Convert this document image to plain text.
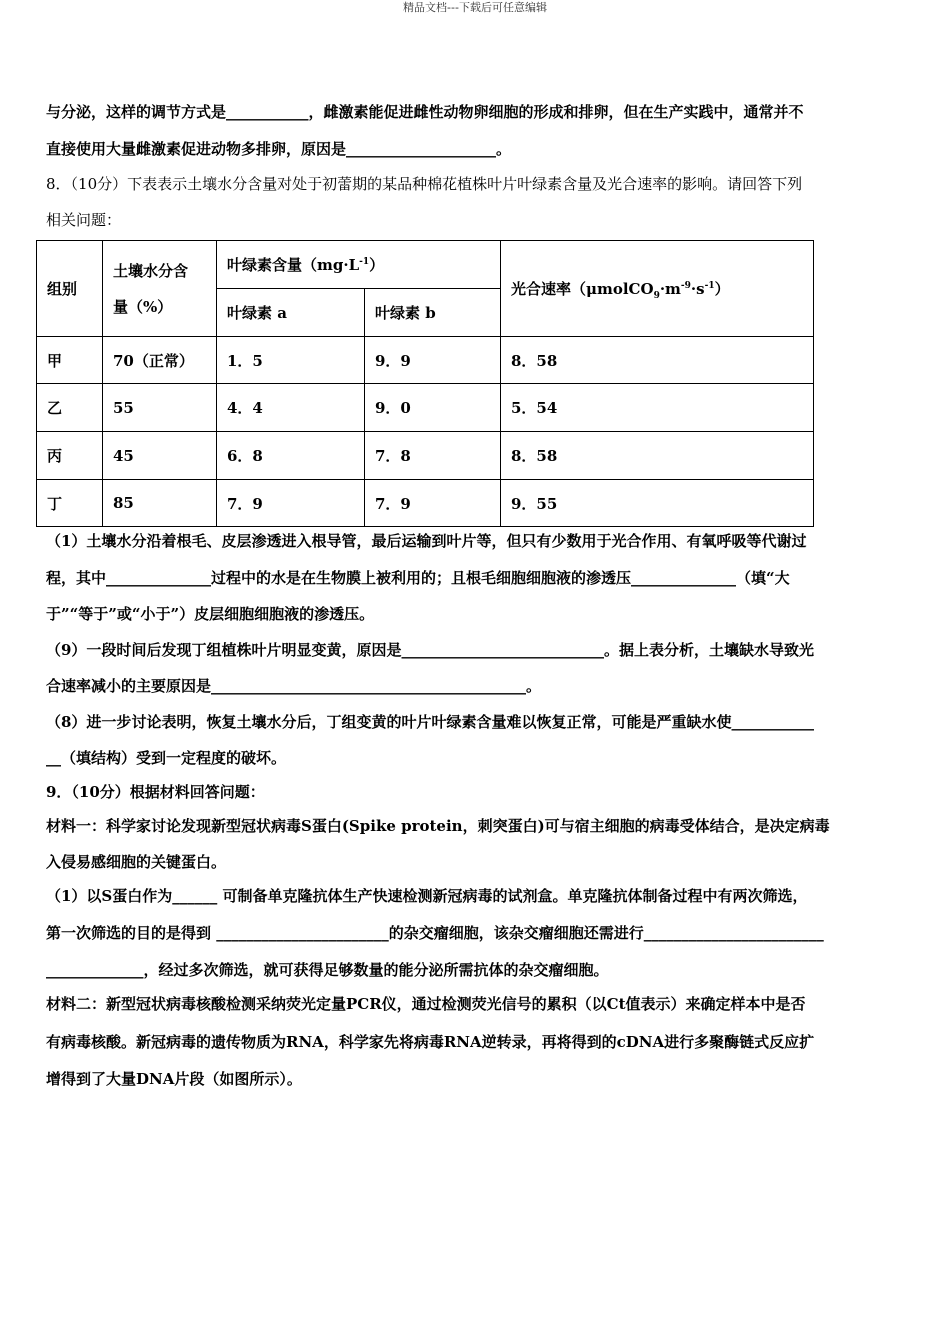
精品文档---下载后可任意编辑
与分泌，这样的调节方式是___________，雌激素能促进雌性动物卵细胞的形成和排卵，但在生产实践中，通常并不
直接使用大量雌激素促进动物多排卵，原因是____________________。
8．（10分）下表表示土壤水分含量对处于初蕾期的某品种棉花植株叶片叶绿素含量及光合速率的影响。请回答下列
相关问题：
组别	土壤水分含
量（%）	叶绿素含量$(mg\cdot L^{-1})$		光合速率$(\mu molCO_9\cdot m^{-9}\cdot s^{-1})$
		叶绿素 a	叶绿素 b	
甲	70（正常）	1．5	9．9	8．58
乙	55	4．4	9．0	5．54
丙	45	6．8	7．8	8．58
丁	85	7．9	7．9	9．55
（1）土壤水分沿着根毛、皮层渗透进入根导管，最后运输到叶片等，但只有少数用于光合作用、有氧呼吸等代谢过
程，其中______________过程中的水是在生物膜上被利用的；且根毛细胞细胞液的渗透压______________（填“大
于”“等于”或“小于”）皮层细胞细胞液的渗透压。
（9）一段时间后发现丁组植株叶片明显变黄，原因是___________________________。据上表分析，土壤缺水导致光
合速率减小的主要原因是__________________________________________。
（8）进一步讨论表明，恢复土壤水分后，丁组变黄的叶片叶绿素含量难以恢复正常，可能是严重缺水使___________
__（填结构）受到一定程度的破坏。
9．（10分）根据材料回答问题：
材料一：科学家讨论发现新型冠状病毒S蛋白(Spike protein，刺突蛋白)可与宿主细胞的病毒受体结合，是决定病毒
入侵易感细胞的关键蛋白。
（1）以S蛋白作为______ 可制备单克隆抗体生产快速检测新冠病毒的试剂盒。单克隆抗体制备过程中有两次筛选，
第一次筛选的目的是得到 _______________________的杂交瘤细胞，该杂交瘤细胞还需进行________________________
_____________，经过多次筛选，就可获得足够数量的能分泌所需抗体的杂交瘤细胞。
材料二：新型冠状病毒核酸检测采纳荧光定量PCR仪，通过检测荧光信号的累积（以Ct值表示）来确定样本中是否
有病毒核酸。新冠病毒的遗传物质为RNA，科学家先将病毒RNA逆转录，再将得到的cDNA进行多聚酶链式反应扩
增得到了大量DNA片段（如图所示）。
